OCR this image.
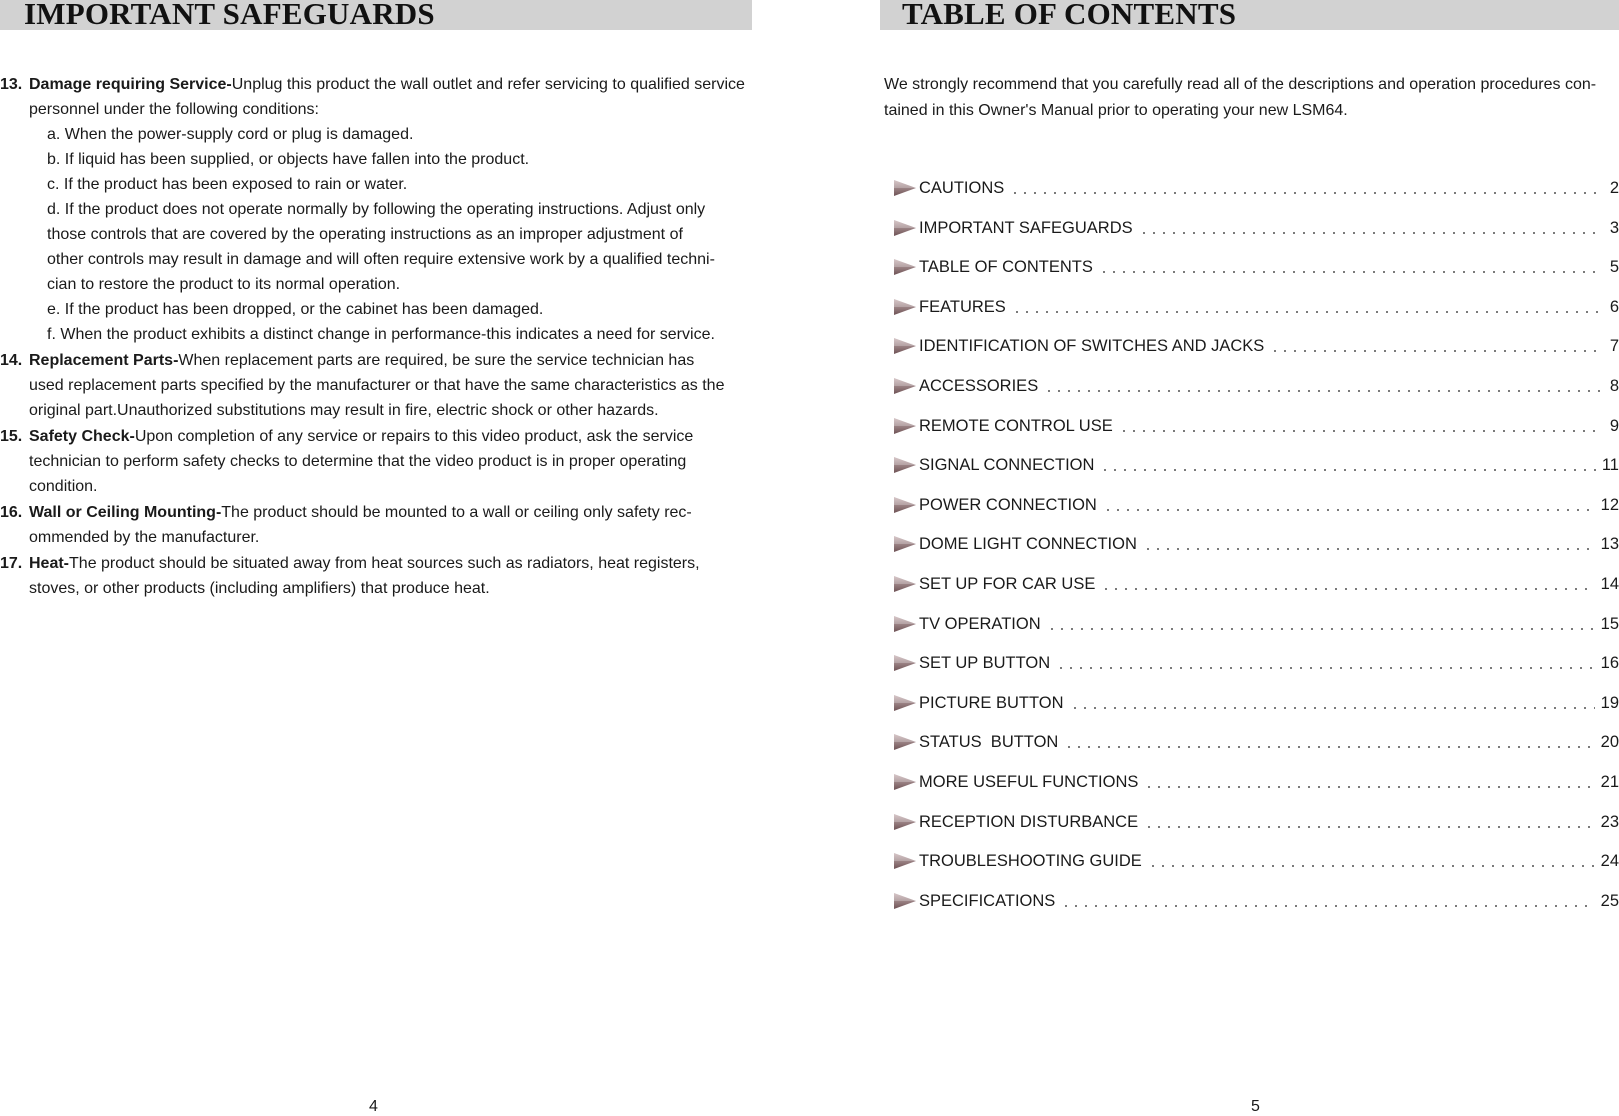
IMPORTANT SAFEGUARDS
13. Damage requiring Service-Unplug this product the wall outlet and refer servicing to qualified service personnel under the following conditions:
a. When the power-supply cord or plug is damaged.
b. If liquid has been supplied, or objects have fallen into the product.
c. If the product has been exposed to rain or water.
d. If the product does not operate normally by following the operating instructions. Adjust only those controls that are covered by the operating instructions as an improper adjustment of other controls may result in damage and will often require extensive work by a qualified techni-cian to restore the product to its normal operation.
e. If the product has been dropped, or the cabinet has been damaged.
f. When the product exhibits a distinct change in performance-this indicates a need for service.
14. Replacement Parts-When replacement parts are required, be sure the service technician has used replacement parts specified by the manufacturer or that have the same characteristics as the original part.Unauthorized substitutions may result in fire, electric shock or other hazards.
15. Safety Check-Upon completion of any service or repairs to this video product, ask the service technician to perform safety checks to determine that the video product is in proper operating condition.
16. Wall or Ceiling Mounting-The product should be mounted to a wall or ceiling only safety rec-ommended by the manufacturer.
17. Heat-The product should be situated away from heat sources such as radiators, heat registers, stoves, or other products (including amplifiers) that produce heat.
4
TABLE OF CONTENTS
We strongly recommend that you carefully read all of the descriptions and operation procedures con-tained in this Owner's Manual prior to operating your new LSM64.
CAUTIONS	2
IMPORTANT SAFEGUARDS	3
TABLE OF CONTENTS	5
FEATURES	6
IDENTIFICATION OF SWITCHES AND JACKS	7
ACCESSORIES	8
REMOTE CONTROL USE	9
SIGNAL CONNECTION	11
POWER CONNECTION	12
DOME LIGHT CONNECTION	13
SET UP FOR CAR USE	14
TV OPERATION	15
SET UP BUTTON	16
PICTURE BUTTON	19
STATUS  BUTTON	20
MORE USEFUL FUNCTIONS	21
RECEPTION DISTURBANCE	23
TROUBLESHOOTING GUIDE	24
SPECIFICATIONS	25
5
